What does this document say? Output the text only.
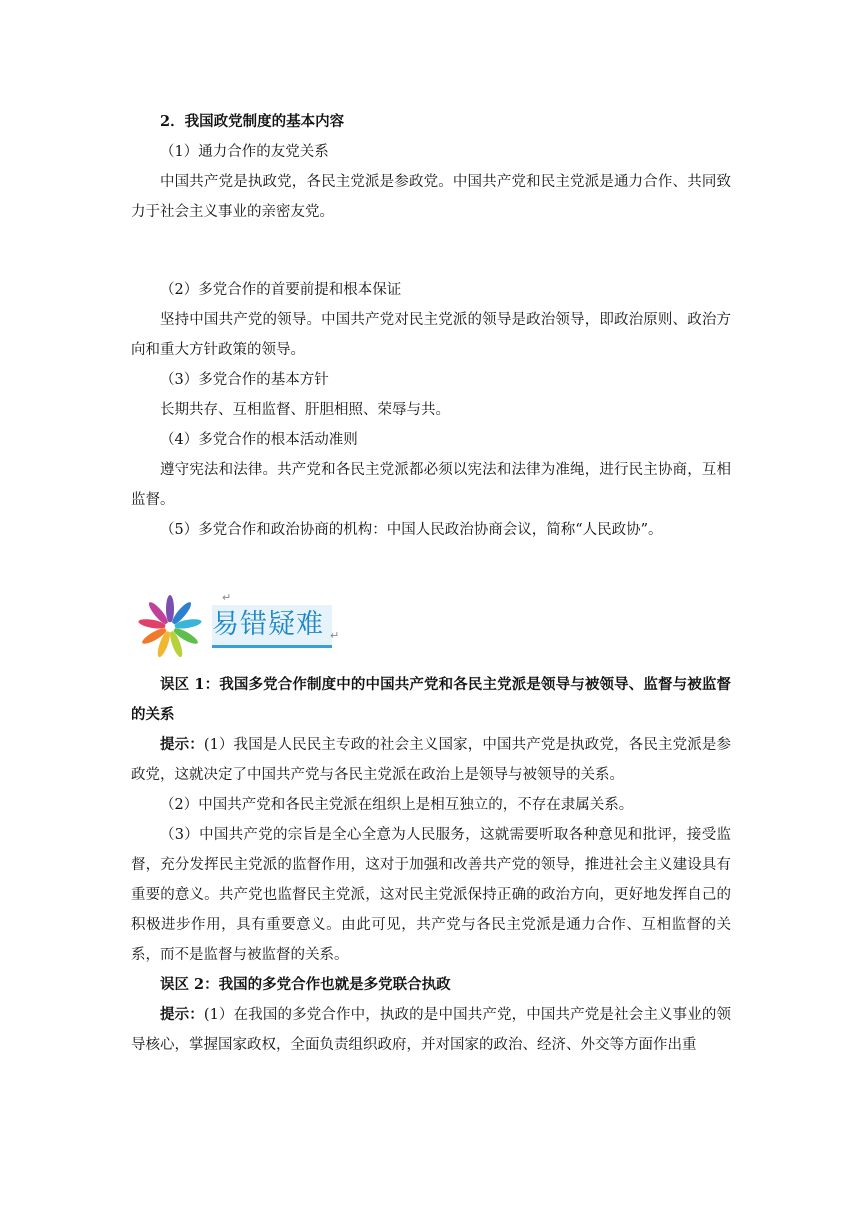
2．我国政党制度的基本内容

（1）通力合作的友党关系

中国共产党是执政党，各民主党派是参政党。中国共产党和民主党派是通力合作、共同致力于社会主义事业的亲密友党。

（2）多党合作的首要前提和根本保证

坚持中国共产党的领导。中国共产党对民主党派的领导是政治领导，即政治原则、政治方向和重大方针政策的领导。

（3）多党合作的基本方针

长期共存、互相监督、肝胆相照、荣辱与共。

（4）多党合作的根本活动准则

遵守宪法和法律。共产党和各民主党派都必须以宪法和法律为准绳，进行民主协商，互相监督。

（5）多党合作和政治协商的机构：中国人民政治协商会议，简称“人民政协”。

易错疑难
↵
↵

误区 1：我国多党合作制度中的中国共产党和各民主党派是领导与被领导、监督与被监督的关系

提示：(1）我国是人民民主专政的社会主义国家，中国共产党是执政党，各民主党派是参政党，这就决定了中国共产党与各民主党派在政治上是领导与被领导的关系。

（2）中国共产党和各民主党派在组织上是相互独立的，不存在隶属关系。

（3）中国共产党的宗旨是全心全意为人民服务，这就需要听取各种意见和批评，接受监督，充分发挥民主党派的监督作用，这对于加强和改善共产党的领导，推进社会主义建设具有重要的意义。共产党也监督民主党派，这对民主党派保持正确的政治方向，更好地发挥自己的积极进步作用，具有重要意义。由此可见，共产党与各民主党派是通力合作、互相监督的关系，而不是监督与被监督的关系。

误区 2：我国的多党合作也就是多党联合执政

提示：(1）在我国的多党合作中，执政的是中国共产党，中国共产党是社会主义事业的领导核心，掌握国家政权，全面负责组织政府，并对国家的政治、经济、外交等方面作出重
